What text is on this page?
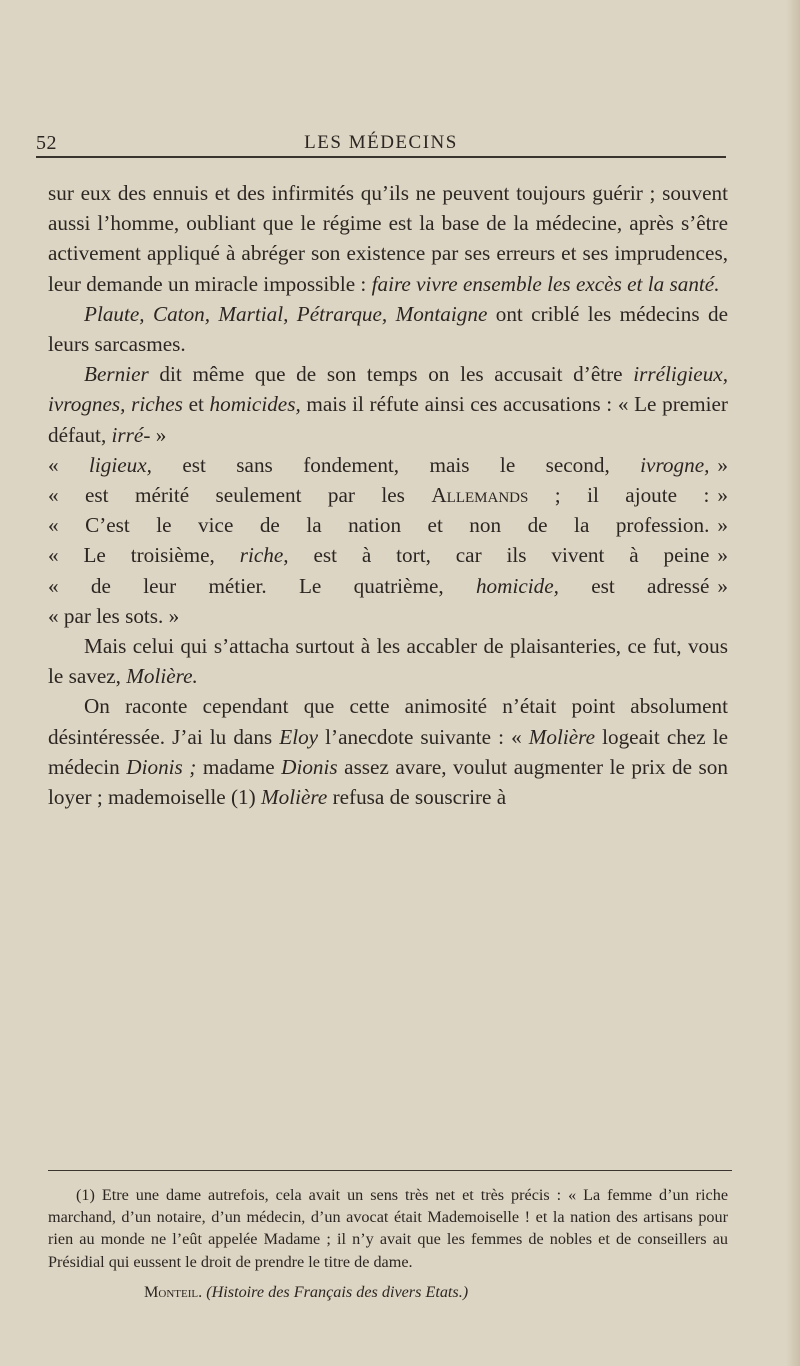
52	LES MÉDECINS

sur eux des ennuis et des infirmités qu’ils ne peuvent toujours guérir ; souvent aussi l’homme, oubliant que le régime est la base de la médecine, après s’être activement appliqué à abréger son existence par ses erreurs et ses imprudences, leur demande un miracle impossible : faire vivre ensemble les excès et la santé.

Plaute, Caton, Martial, Pétrarque, Montaigne ont criblé les médecins de leurs sarcasmes.

Bernier dit même que de son temps on les accusait d’être irréligieux, ivrognes, riches et homicides, mais il réfute ainsi ces accusations : « Le premier défaut, irré- »

« ligieux, est sans fondement, mais le second, ivrogne, »
« est mérité seulement par les Allemands ; il ajoute : »
« C’est le vice de la nation et non de la profession. »
« Le troisième, riche, est à tort, car ils vivent à peine »
« de leur métier. Le quatrième, homicide, est adressé »
« par les sots. »

Mais celui qui s’attacha surtout à les accabler de plaisanteries, ce fut, vous le savez, Molière.

On raconte cependant que cette animosité n’était point absolument désintéressée. J’ai lu dans Eloy l’anecdote suivante : « Molière logeait chez le médecin Dionis ; madame Dionis assez avare, voulut augmenter le prix de son loyer ; mademoiselle (1) Molière refusa de souscrire à

(1) Etre une dame autrefois, cela avait un sens très net et très précis : « La femme d’un riche marchand, d’un notaire, d’un médecin, d’un avocat était Mademoiselle ! et la nation des artisans pour rien au monde ne l’eût appelée Madame ; il n’y avait que les femmes de nobles et de conseillers au Présidial qui eussent le droit de prendre le titre de dame.

Monteil. (Histoire des Français des divers Etats.)
